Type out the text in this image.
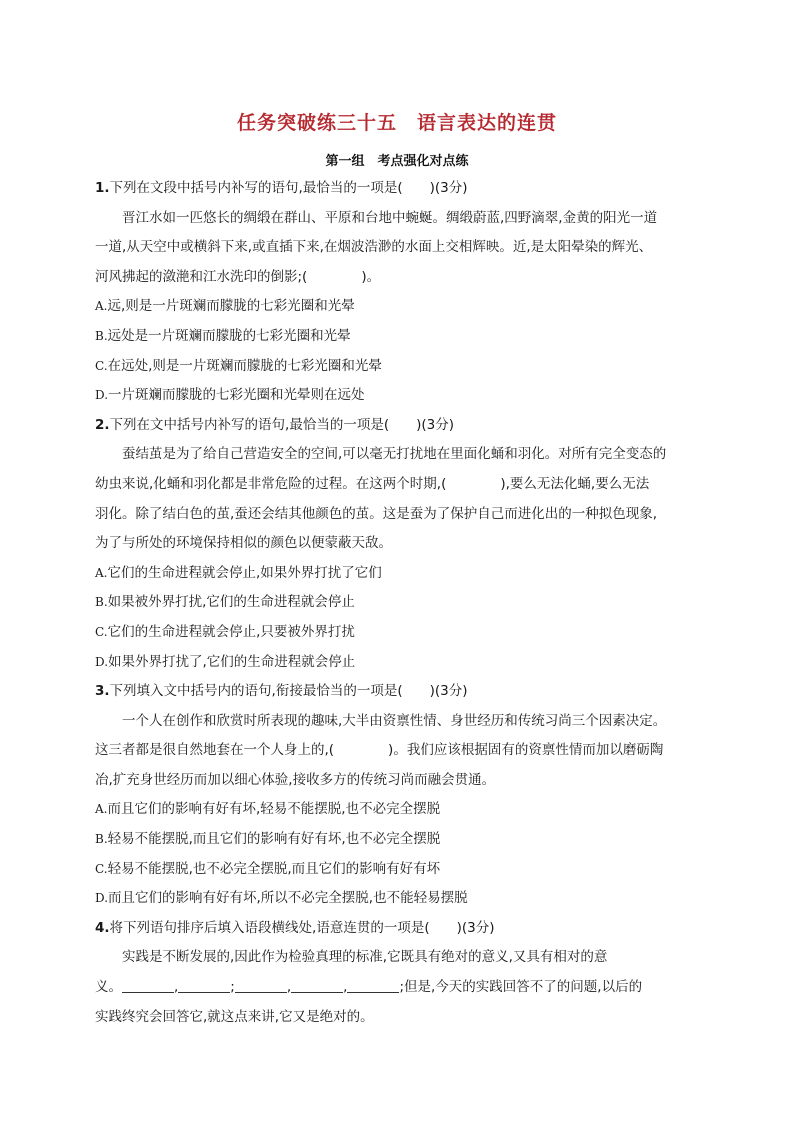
任务突破练三十五　语言表达的连贯
第一组　考点强化对点练
1.下列在文段中括号内补写的语句,最恰当的一项是(　　)(3分)
晋江水如一匹悠长的绸缎在群山、平原和台地中蜿蜒。绸缎蔚蓝,四野滴翠,金黄的阳光一道
一道,从天空中或横斜下来,或直插下来,在烟波浩渺的水面上交相辉映。近,是太阳晕染的辉光、
河风拂起的潋滟和江水洗印的倒影;(　　　　)。
A.远,则是一片斑斓而朦胧的七彩光圈和光晕
B.远处是一片斑斓而朦胧的七彩光圈和光晕
C.在远处,则是一片斑斓而朦胧的七彩光圈和光晕
D.一片斑斓而朦胧的七彩光圈和光晕则在远处
2.下列在文中括号内补写的语句,最恰当的一项是(　　)(3分)
蚕结茧是为了给自己营造安全的空间,可以毫无打扰地在里面化蛹和羽化。对所有完全变态的
幼虫来说,化蛹和羽化都是非常危险的过程。在这两个时期,(　　　　),要么无法化蛹,要么无法
羽化。除了结白色的茧,蚕还会结其他颜色的茧。这是蚕为了保护自己而进化出的一种拟色现象,
为了与所处的环境保持相似的颜色以便蒙蔽天敌。
A.它们的生命进程就会停止,如果外界打扰了它们
B.如果被外界打扰,它们的生命进程就会停止
C.它们的生命进程就会停止,只要被外界打扰
D.如果外界打扰了,它们的生命进程就会停止
3.下列填入文中括号内的语句,衔接最恰当的一项是(　　)(3分)
一个人在创作和欣赏时所表现的趣味,大半由资禀性情、身世经历和传统习尚三个因素决定。
这三者都是很自然地套在一个人身上的,(　　　　)。我们应该根据固有的资禀性情而加以磨砺陶
冶,扩充身世经历而加以细心体验,接收多方的传统习尚而融会贯通。
A.而且它们的影响有好有坏,轻易不能摆脱,也不必完全摆脱
B.轻易不能摆脱,而且它们的影响有好有坏,也不必完全摆脱
C.轻易不能摆脱,也不必完全摆脱,而且它们的影响有好有坏
D.而且它们的影响有好有坏,所以不必完全摆脱,也不能轻易摆脱
4.将下列语句排序后填入语段横线处,语意连贯的一项是(　　)(3分)
实践是不断发展的,因此作为检验真理的标准,它既具有绝对的意义,又具有相对的意
义。	,	;	,	,	;但是,今天的实践回答不了的问题,以后的
实践终究会回答它,就这点来讲,它又是绝对的。
